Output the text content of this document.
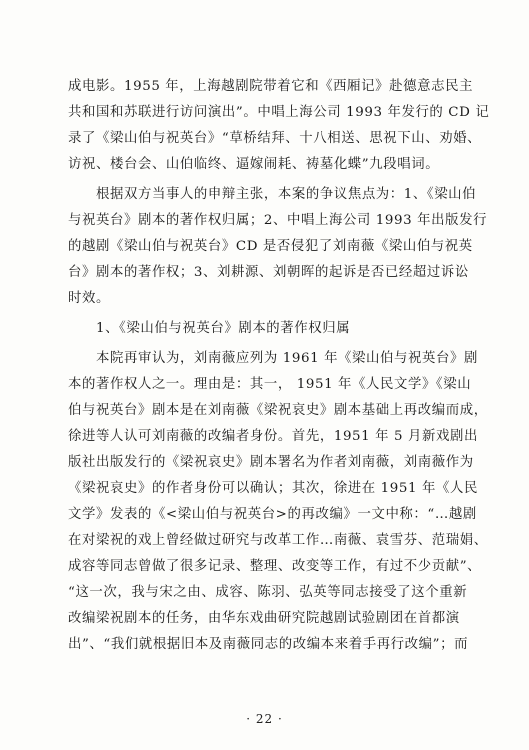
成电影。1955 年，上海越剧院带着它和《西厢记》赴德意志民主
共和国和苏联进行访问演出”。中唱上海公司 1993 年发行的 CD 记
录了《梁山伯与祝英台》“草桥结拜、十八相送、思祝下山、劝婚、
访祝、楼台会、山伯临终、逼嫁闹耗、祷墓化蝶”九段唱词。
根据双方当事人的申辩主张，本案的争议焦点为：1、《梁山伯
与祝英台》剧本的著作权归属；2、中唱上海公司 1993 年出版发行
的越剧《梁山伯与祝英台》CD 是否侵犯了刘南薇《梁山伯与祝英
台》剧本的著作权；3、刘耕源、刘朝晖的起诉是否已经超过诉讼
时效。
1、《梁山伯与祝英台》剧本的著作权归属
本院再审认为，刘南薇应列为 1961 年《梁山伯与祝英台》剧
本的著作权人之一。理由是：其一， 1951 年《人民文学》《梁山
伯与祝英台》剧本是在刘南薇《梁祝哀史》剧本基础上再改编而成，
徐进等人认可刘南薇的改编者身份。首先，1951 年 5 月新戏剧出
版社出版发行的《梁祝哀史》剧本署名为作者刘南薇，刘南薇作为
《梁祝哀史》的作者身份可以确认；其次，徐进在 1951 年《人民
文学》发表的《<梁山伯与祝英台>的再改编》一文中称：“…越剧
在对梁祝的戏上曾经做过研究与改革工作…南薇、袁雪芬、范瑞娟、
成容等同志曾做了很多记录、整理、改变等工作，有过不少贡献”、
“这一次，我与宋之由、成容、陈羽、弘英等同志接受了这个重新
改编梁祝剧本的任务，由华东戏曲研究院越剧试验剧团在首都演
出”、“我们就根据旧本及南薇同志的改编本来着手再行改编”；而
· 22 ·
